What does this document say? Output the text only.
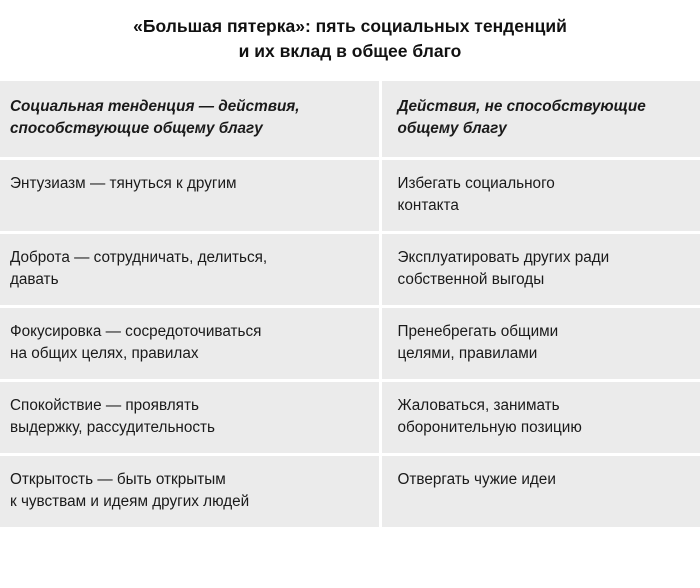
«Большая пятерка»: пять социальных тенденций
и их вклад в общее благо
Социальная тенденция — действия,
способствующие общему благу	Действия, не способствующие
общему благу

Энтузиазм — тянуться к другим	Избегать социального
контакта

Доброта — сотрудничать, делиться,
давать	Эксплуатировать других ради
собственной выгоды

Фокусировка — сосредоточиваться
на общих целях, правилах	Пренебрегать общими
целями, правилами

Спокойствие — проявлять
выдержку, рассудительность	Жаловаться, занимать
оборонительную позицию

Открытость — быть открытым
к чувствам и идеям других людей	Отвергать чужие идеи
